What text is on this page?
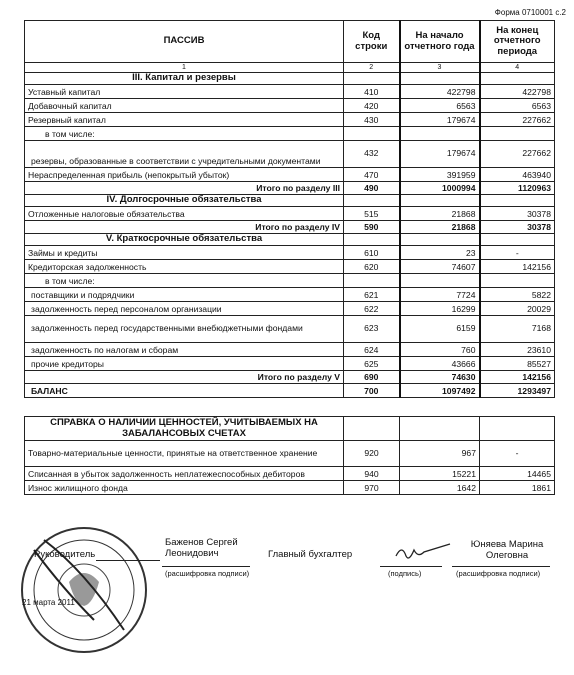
Форма 0710001 с.2
ПАССИВ	Код строки	На начало отчетного года	На конец отчетного периода
1	2	3	4
III. Капитал и резервы			
Уставный капитал	410	422798	422798
Добавочный капитал	420	6563	6563
Резервный капитал	430	179674	227662
в том числе:			
резервы, образованные в соответствии с учредительными документами	432	179674	227662
Нераспределенная прибыль (непокрытый убыток)	470	391959	463940
Итого по разделу III	490	1000994	1120963
IV. Долгосрочные обязательства			
Отложенные налоговые обязательства	515	21868	30378
Итого по разделу IV	590	21868	30378
V. Краткосрочные обязательства			
Займы и кредиты	610	23	-
Кредиторская задолженность	620	74607	142156
в том числе:			
поставщики и подрядчики	621	7724	5822
задолженность перед персоналом организации	622	16299	20029
задолженность перед государственными внебюджетными фондами	623	6159	7168
задолженность по налогам и сборам	624	760	23610
прочие кредиторы	625	43666	85527
Итого по разделу V	690	74630	142156
БАЛАНС	700	1097492	1293497
СПРАВКА О НАЛИЧИИ ЦЕННОСТЕЙ, УЧИТЫВАЕМЫХ НА ЗАБАЛАНСОВЫХ СЧЕТАХ			
Товарно-материальные ценности, принятые на ответственное хранение	920	967	-
Списанная в убыток задолженность неплатежеспособных дебиторов	940	15221	14465
Износ жилищного фонда	970	1642	1861
Руководитель
Баженов Сергей Леонидович
(расшифровка подписи)
Главный бухгалтер
(подпись)
Юняева Марина Олеговна
(расшифровка подписи)
21 марта 2011
